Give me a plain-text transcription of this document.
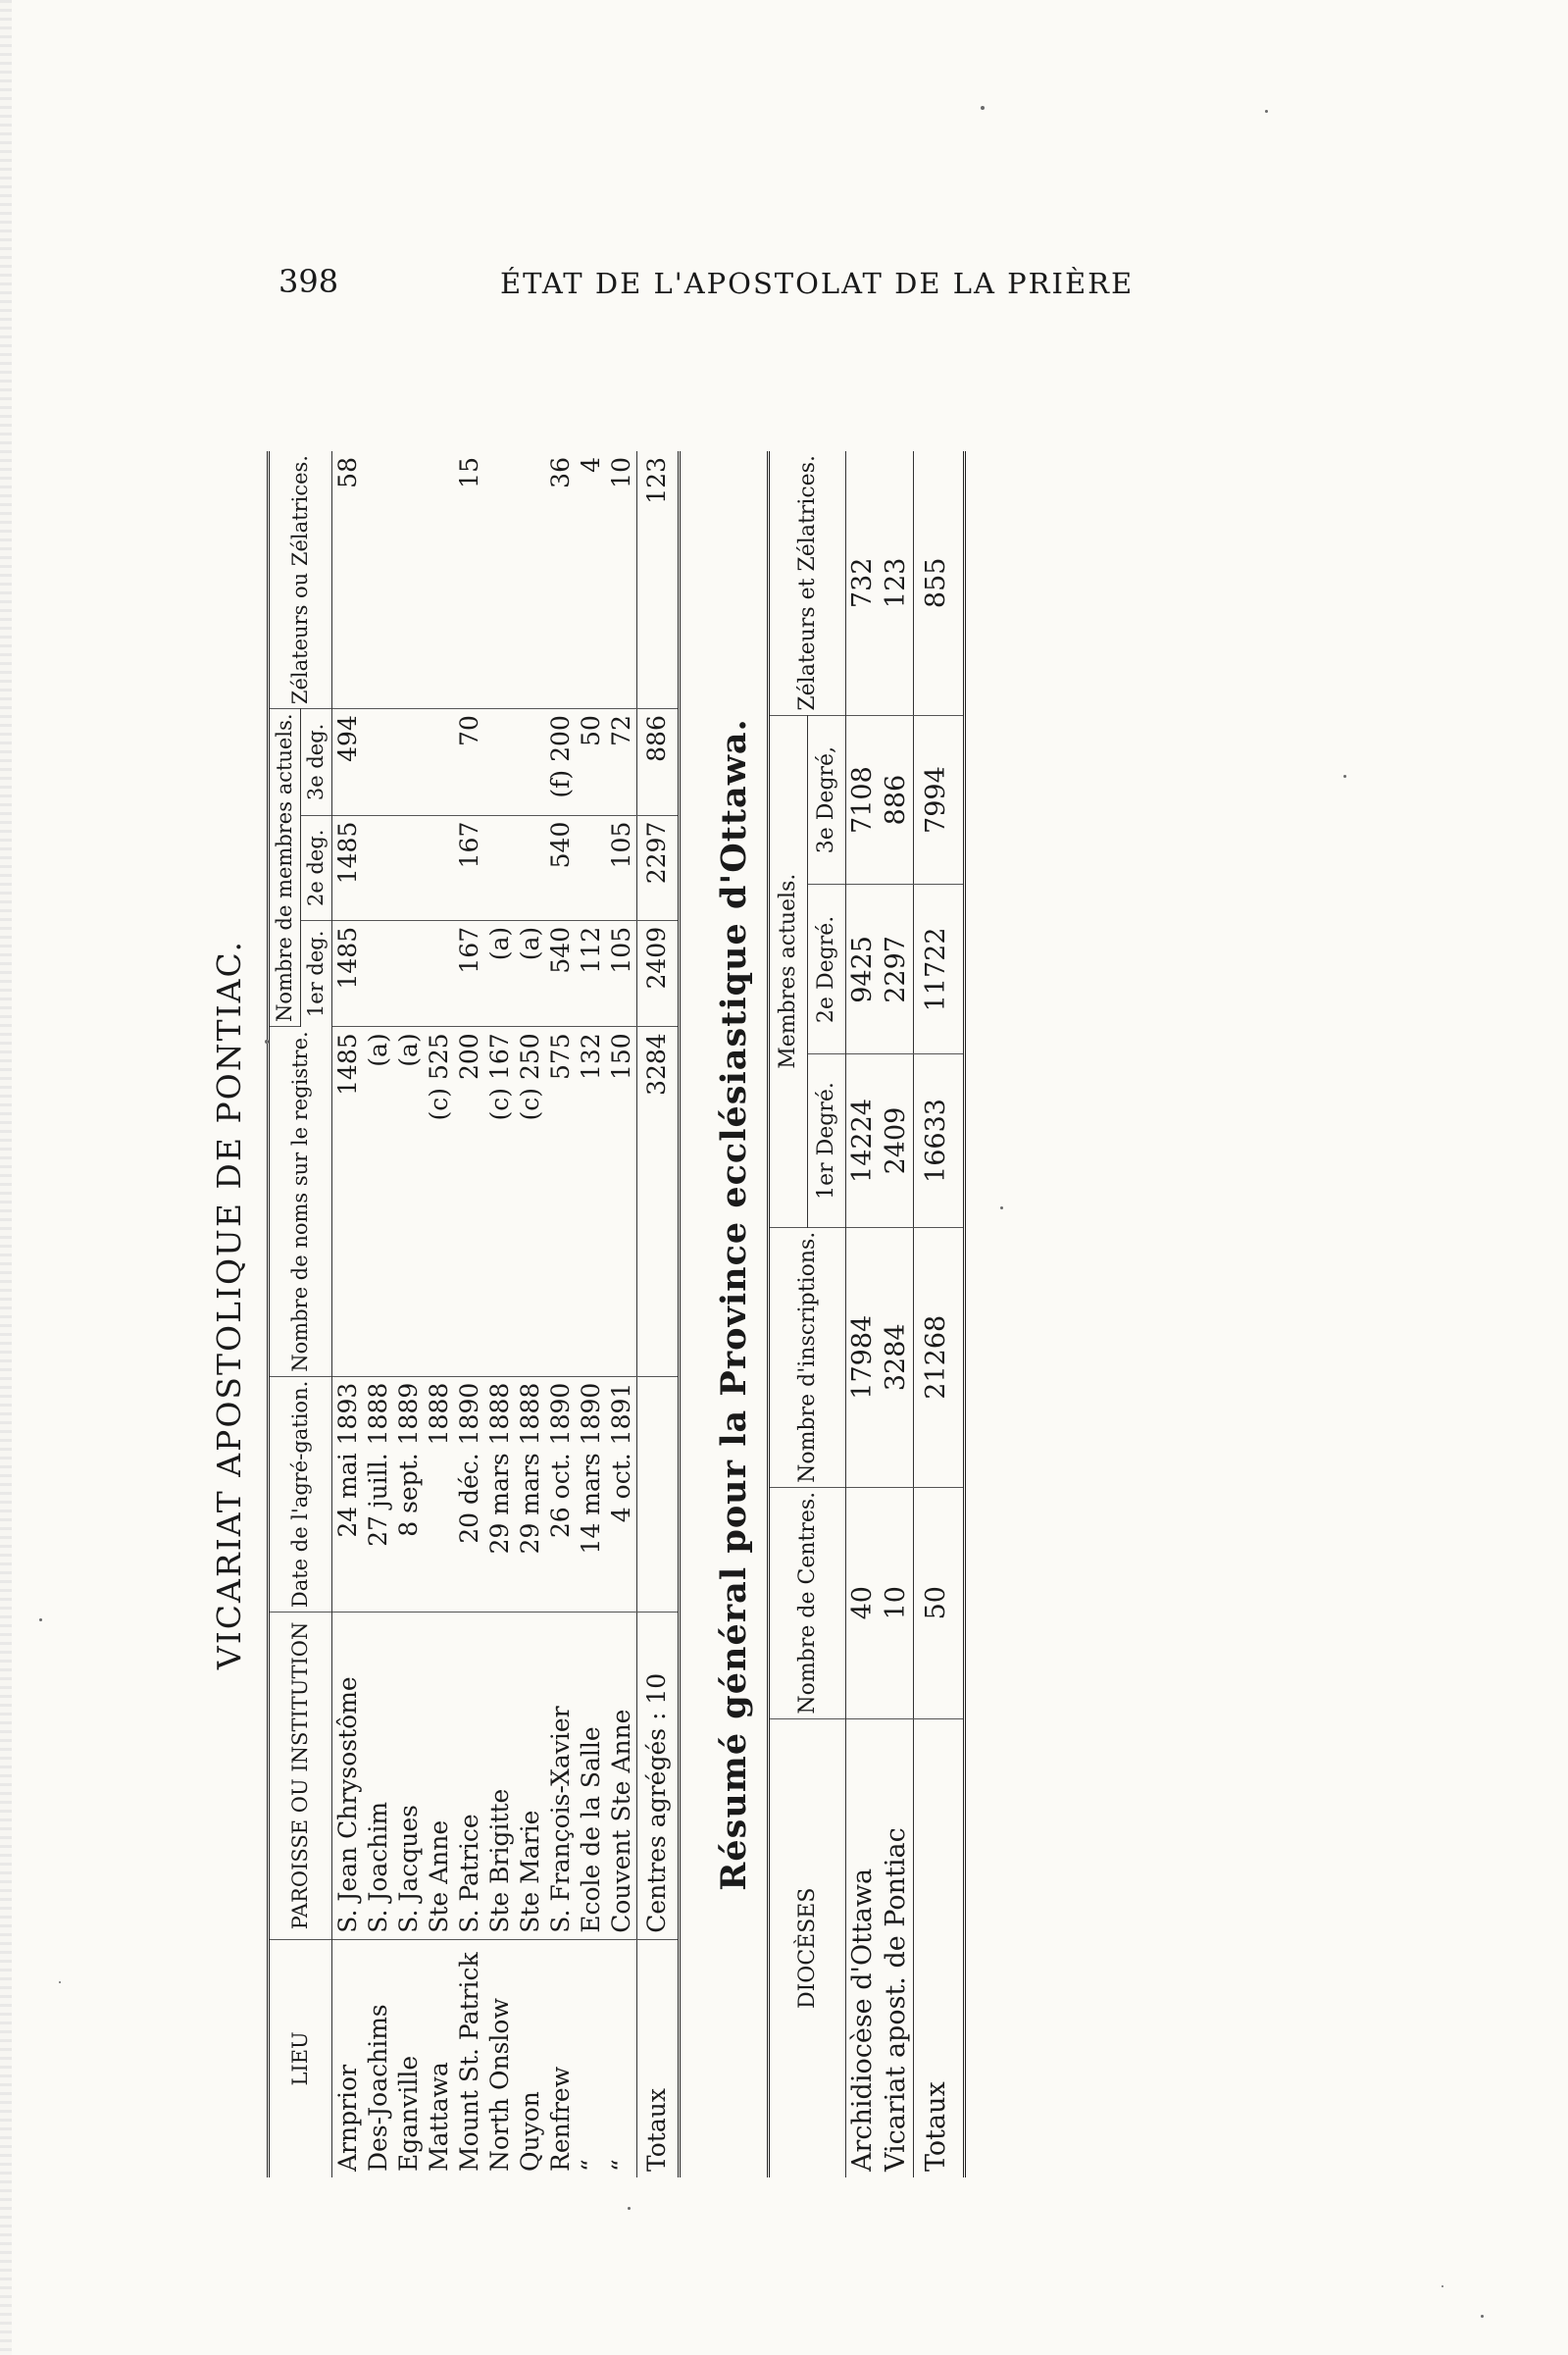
398	ÉTAT DE L'APOSTOLAT DE LA PRIÈRE
VICARIAT APOSTOLIQUE DE PONTIAC.
LIEU	PAROISSE OU INSTITUTION	Date de l'agré-gation.	Nombre de noms sur le registre.	Nombre de membres actuels.			Zélateurs ou Zélatrices.
				1er deg.	2e deg.	3e deg.	
Arnprior	S. Jean Chrysostôme	24 mai 1893	1485	1485	1485	494	58
Des-Joachims	S. Joachim	27 juill. 1888	(a)				
Eganville	S. Jacques	8 sept. 1889	(a)				
Mattawa	Ste Anne	1888	(c) 525				
Mount St. Patrick	S. Patrice	20 déc. 1890	200	167	167	70	15
North Onslow	Ste Brigitte	29 mars 1888	(c) 167	(a)			
Quyon	Ste Marie	29 mars 1888	(c) 250	(a)			
Renfrew	S. François-Xavier	26 oct. 1890	575	540	540	(f) 200	36
“	Ecole de la Salle	14 mars 1890	132	112		50	4
“	Couvent Ste Anne	4 oct. 1891	150	105	105	72	10
Totaux	Centres agrégés : 10		3284	2409	2297	886	123
Résumé général pour la Province ecclésiastique d'Ottawa.
DIOCÈSES	Nombre de Centres.	Nombre d'inscriptions.	Membres actuels.			Zélateurs et Zélatrices.
			1er Degré.	2e Degré.	3e Degré,	
Archidiocèse d'Ottawa	40	17984	14224	9425	7108	732
Vicariat apost. de Pontiac	10	3284	2409	2297	886	123
Totaux	50	21268	16633	11722	7994	855
